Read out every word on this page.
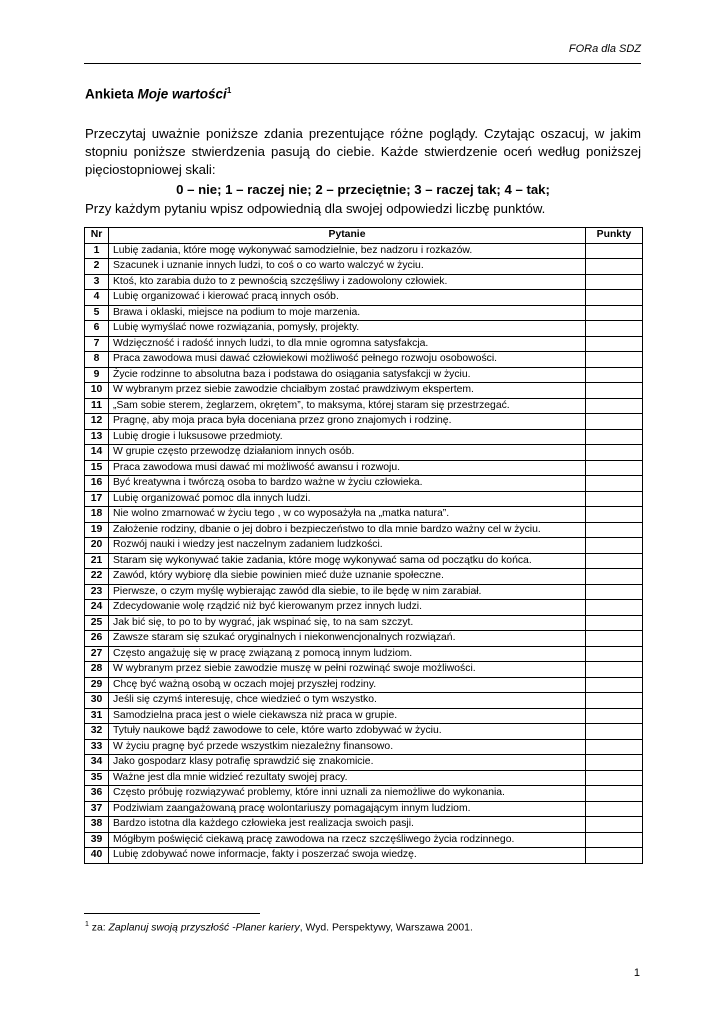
FORa dla SDZ
Ankieta Moje wartości$^1$
Przeczytaj uważnie poniższe zdania prezentujące różne poglądy. Czytając oszacuj, w jakim stopniu poniższe stwierdzenia pasują do ciebie. Każde stwierdzenie oceń według poniższej pięciostopniowej skali:
0 – nie; 1 – raczej nie; 2 – przeciętnie; 3 – raczej tak; 4 – tak;
Przy każdym pytaniu wpisz odpowiednią dla swojej odpowiedzi liczbę punktów.
Nr	Pytanie	Punkty
1	Lubię zadania, które mogę wykonywać samodzielnie, bez nadzoru i rozkazów.	
2	Szacunek i uznanie innych ludzi, to coś o co warto walczyć w życiu.	
3	Ktoś, kto zarabia dużo to z pewnością szczęśliwy i zadowolony człowiek.	
4	Lubię organizować i kierować pracą innych osób.	
5	Brawa i oklaski, miejsce na podium to moje marzenia.	
6	Lubię wymyślać nowe rozwiązania, pomysły, projekty.	
7	Wdzięczność i radość innych ludzi, to dla mnie ogromna satysfakcja.	
8	Praca zawodowa musi dawać człowiekowi możliwość pełnego rozwoju osobowości.	
9	Życie rodzinne to absolutna baza i podstawa do osiągania satysfakcji w życiu.	
10	W wybranym przez siebie zawodzie chciałbym zostać prawdziwym ekspertem.	
11	„Sam sobie sterem, żeglarzem, okrętem”, to maksyma, której staram się przestrzegać.	
12	Pragnę, aby moja praca była doceniana przez grono znajomych i rodzinę.	
13	Lubię drogie i luksusowe przedmioty.	
14	W grupie często przewodzę działaniom innych osób.	
15	Praca zawodowa musi dawać mi możliwość awansu i rozwoju.	
16	Być kreatywna i twórczą osoba to bardzo ważne w życiu człowieka.	
17	Lubię organizować pomoc dla innych ludzi.	
18	Nie wolno zmarnować w życiu tego , w co wyposażyła na „matka natura”.	
19	Założenie rodziny, dbanie o jej dobro i bezpieczeństwo to dla mnie bardzo ważny cel w życiu.	
20	Rozwój nauki i wiedzy jest naczelnym zadaniem ludzkości.	
21	Staram się wykonywać takie zadania, które mogę wykonywać sama od początku do końca.	
22	Zawód, który wybiorę dla siebie powinien mieć duże uznanie społeczne.	
23	Pierwsze, o czym myślę wybierając zawód dla siebie, to ile będę w nim zarabiał.	
24	Zdecydowanie wolę rządzić niż być kierowanym przez innych ludzi.	
25	Jak bić się, to po to by wygrać, jak wspinać się, to na sam szczyt.	
26	Zawsze staram się szukać oryginalnych i niekonwencjonalnych rozwiązań.	
27	Często angażuję się w pracę związaną z pomocą innym ludziom.	
28	W wybranym przez siebie zawodzie muszę w pełni rozwinąć swoje możliwości.	
29	Chcę być ważną osobą w oczach mojej przyszłej rodziny.	
30	Jeśli się czymś interesuję, chce wiedzieć o tym wszystko.	
31	Samodzielna praca jest o wiele ciekawsza niż praca w grupie.	
32	Tytuły naukowe bądź zawodowe to cele, które warto zdobywać w życiu.	
33	W życiu pragnę być przede wszystkim niezależny finansowo.	
34	Jako gospodarz klasy potrafię sprawdzić się znakomicie.	
35	Ważne jest dla mnie widzieć rezultaty swojej pracy.	
36	Często próbuję rozwiązywać problemy, które inni uznali za niemożliwe do wykonania.	
37	Podziwiam zaangażowaną pracę wolontariuszy pomagającym innym ludziom.	
38	Bardzo istotna dla każdego człowieka jest realizacja swoich pasji.	
39	Mógłbym poświęcić ciekawą pracę zawodowa na rzecz szczęśliwego życia rodzinnego.	
40	Lubię zdobywać nowe informacje, fakty i poszerzać swoja wiedzę.	
$^1$ za: Zaplanuj swoją przyszłość -Planer kariery, Wyd. Perspektywy, Warszawa 2001.
1
